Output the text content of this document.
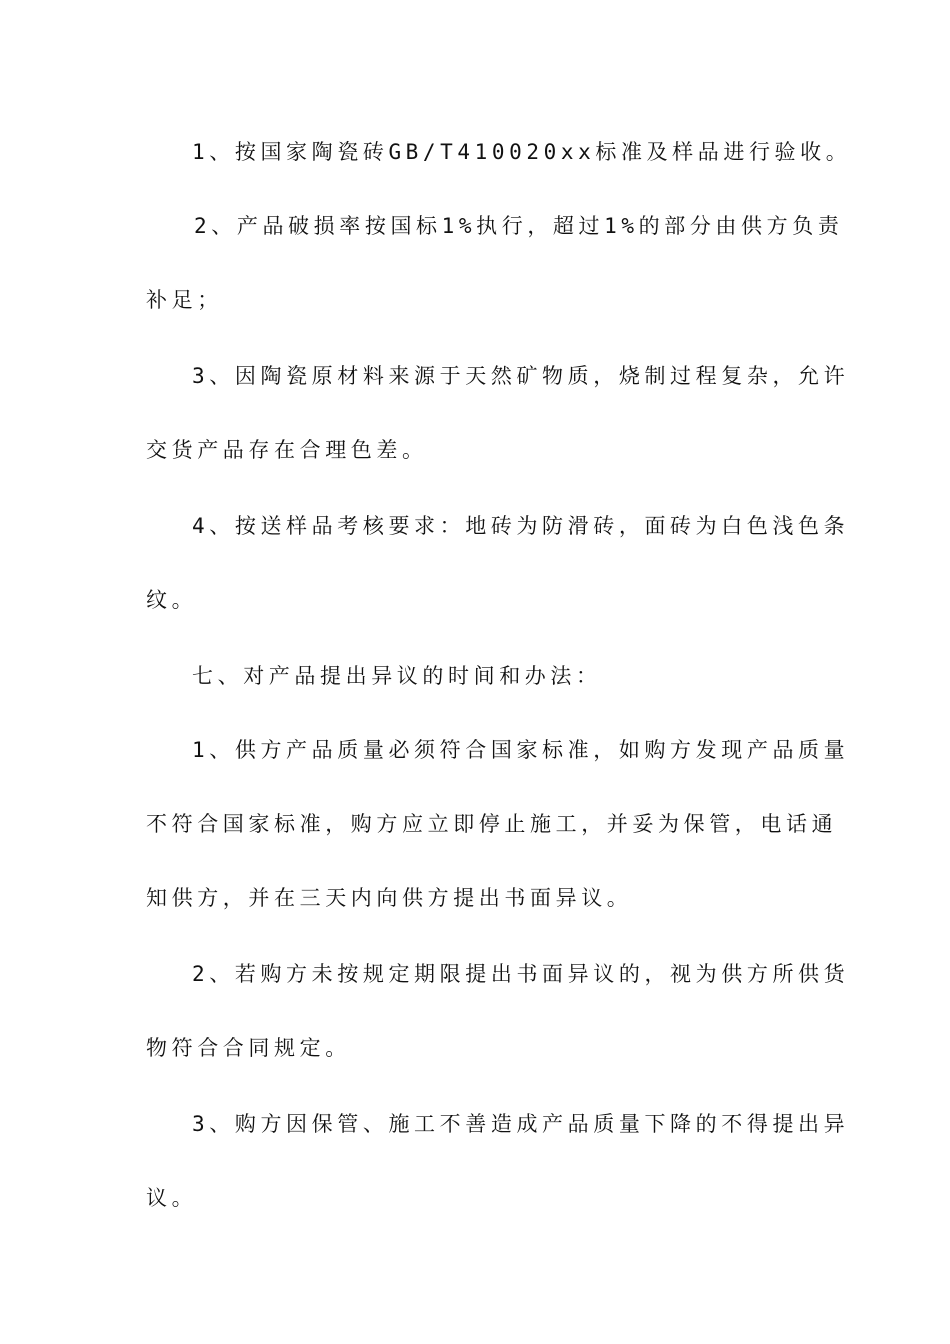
1、按国家陶瓷砖GB/T410020xx标准及样品进行验收。
2、产品破损率按国标1%执行，超过1%的部分由供方负责
补足；
3、因陶瓷原材料来源于天然矿物质，烧制过程复杂，允许
交货产品存在合理色差。
4、按送样品考核要求：地砖为防滑砖，面砖为白色浅色条
纹。
七、对产品提出异议的时间和办法：
1、供方产品质量必须符合国家标准，如购方发现产品质量
不符合国家标准，购方应立即停止施工，并妥为保管，电话通
知供方，并在三天内向供方提出书面异议。
2、若购方未按规定期限提出书面异议的，视为供方所供货
物符合合同规定。
3、购方因保管、施工不善造成产品质量下降的不得提出异
议。
